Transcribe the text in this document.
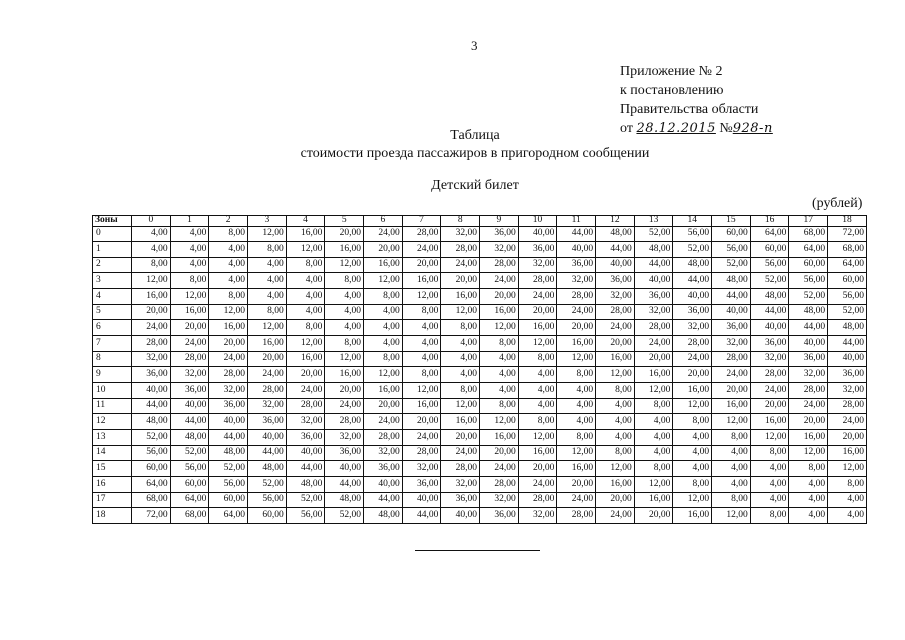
3
Приложение № 2
к постановлению
Правительства области
от 28.12.2015 №928-п
Таблица
стоимости проезда пассажиров в пригородном сообщении
Детский билет
(рублей)
Зоны	0	1	2	3	4	5	6	7	8	9	10	11	12	13	14	15	16	17	18
0	4,00	4,00	8,00	12,00	16,00	20,00	24,00	28,00	32,00	36,00	40,00	44,00	48,00	52,00	56,00	60,00	64,00	68,00	72,00
1	4,00	4,00	4,00	8,00	12,00	16,00	20,00	24,00	28,00	32,00	36,00	40,00	44,00	48,00	52,00	56,00	60,00	64,00	68,00
2	8,00	4,00	4,00	4,00	8,00	12,00	16,00	20,00	24,00	28,00	32,00	36,00	40,00	44,00	48,00	52,00	56,00	60,00	64,00
3	12,00	8,00	4,00	4,00	4,00	8,00	12,00	16,00	20,00	24,00	28,00	32,00	36,00	40,00	44,00	48,00	52,00	56,00	60,00
4	16,00	12,00	8,00	4,00	4,00	4,00	8,00	12,00	16,00	20,00	24,00	28,00	32,00	36,00	40,00	44,00	48,00	52,00	56,00
5	20,00	16,00	12,00	8,00	4,00	4,00	4,00	8,00	12,00	16,00	20,00	24,00	28,00	32,00	36,00	40,00	44,00	48,00	52,00
6	24,00	20,00	16,00	12,00	8,00	4,00	4,00	4,00	8,00	12,00	16,00	20,00	24,00	28,00	32,00	36,00	40,00	44,00	48,00
7	28,00	24,00	20,00	16,00	12,00	8,00	4,00	4,00	4,00	8,00	12,00	16,00	20,00	24,00	28,00	32,00	36,00	40,00	44,00
8	32,00	28,00	24,00	20,00	16,00	12,00	8,00	4,00	4,00	4,00	8,00	12,00	16,00	20,00	24,00	28,00	32,00	36,00	40,00
9	36,00	32,00	28,00	24,00	20,00	16,00	12,00	8,00	4,00	4,00	4,00	8,00	12,00	16,00	20,00	24,00	28,00	32,00	36,00
10	40,00	36,00	32,00	28,00	24,00	20,00	16,00	12,00	8,00	4,00	4,00	4,00	8,00	12,00	16,00	20,00	24,00	28,00	32,00
11	44,00	40,00	36,00	32,00	28,00	24,00	20,00	16,00	12,00	8,00	4,00	4,00	4,00	8,00	12,00	16,00	20,00	24,00	28,00
12	48,00	44,00	40,00	36,00	32,00	28,00	24,00	20,00	16,00	12,00	8,00	4,00	4,00	4,00	8,00	12,00	16,00	20,00	24,00
13	52,00	48,00	44,00	40,00	36,00	32,00	28,00	24,00	20,00	16,00	12,00	8,00	4,00	4,00	4,00	8,00	12,00	16,00	20,00
14	56,00	52,00	48,00	44,00	40,00	36,00	32,00	28,00	24,00	20,00	16,00	12,00	8,00	4,00	4,00	4,00	8,00	12,00	16,00
15	60,00	56,00	52,00	48,00	44,00	40,00	36,00	32,00	28,00	24,00	20,00	16,00	12,00	8,00	4,00	4,00	4,00	8,00	12,00
16	64,00	60,00	56,00	52,00	48,00	44,00	40,00	36,00	32,00	28,00	24,00	20,00	16,00	12,00	8,00	4,00	4,00	4,00	8,00
17	68,00	64,00	60,00	56,00	52,00	48,00	44,00	40,00	36,00	32,00	28,00	24,00	20,00	16,00	12,00	8,00	4,00	4,00	4,00
18	72,00	68,00	64,00	60,00	56,00	52,00	48,00	44,00	40,00	36,00	32,00	28,00	24,00	20,00	16,00	12,00	8,00	4,00	4,00
